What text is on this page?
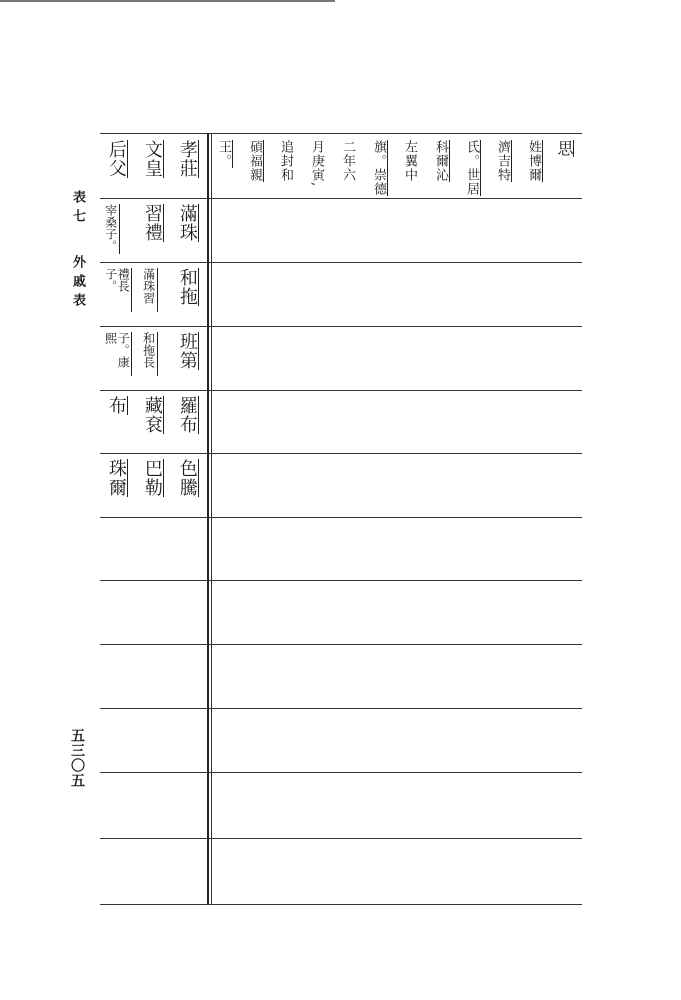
表七
外戚表
五三〇五
孝莊
文皇
后父
滿珠
習禮
宰桑子。
和拖
滿珠習
禮長子。
班第
和拖長
子。康熙
羅布
藏袞
布
色騰
巴勒
珠爾
思
姓博爾
濟吉特
氏。世居
科爾沁
左翼中
旗。崇德
二年六
月庚寅,
追封和
碩福親
王。
